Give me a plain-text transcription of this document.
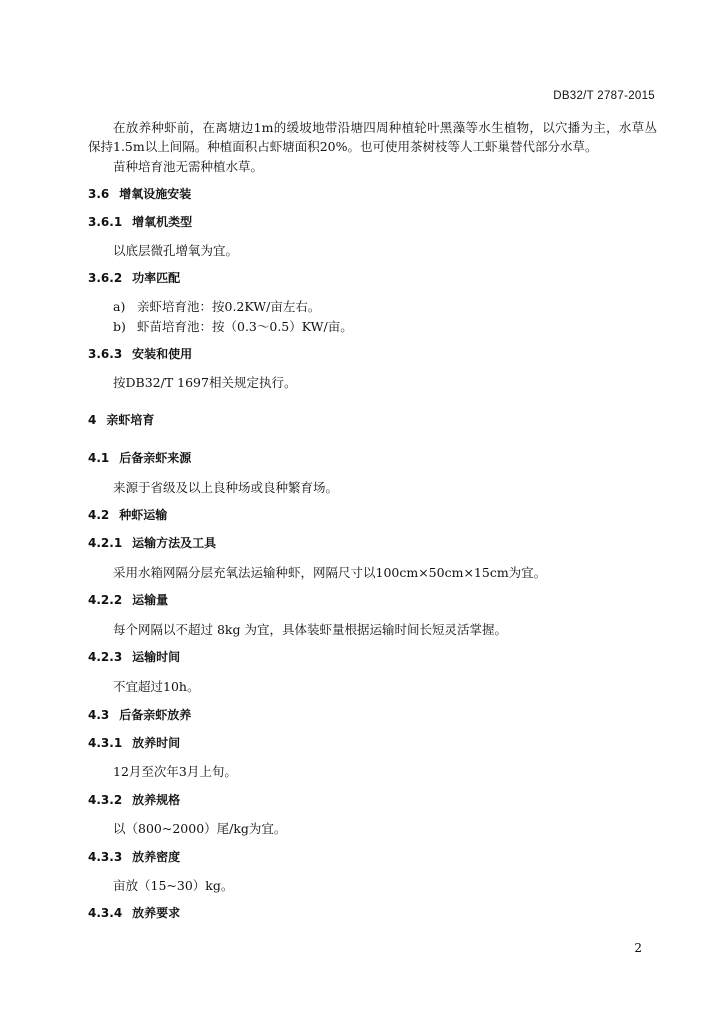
DB32/T 2787-2015
在放养种虾前，在离塘边1m的缓坡地带沿塘四周种植轮叶黑藻等水生植物，以穴播为主，水草丛
保持1.5m以上间隔。种植面积占虾塘面积20%。也可使用茶树枝等人工虾巢替代部分水草。
苗种培育池无需种植水草。
3.6 增氧设施安装
3.6.1 增氧机类型
以底层微孔增氧为宜。
3.6.2 功率匹配
a) 亲虾培育池：按0.2KW/亩左右。
b) 虾苗培育池：按（0.3～0.5）KW/亩。
3.6.3 安装和使用
按DB32/T 1697相关规定执行。
4 亲虾培育
4.1 后备亲虾来源
来源于省级及以上良种场或良种繁育场。
4.2 种虾运输
4.2.1 运输方法及工具
采用水箱网隔分层充氧法运输种虾，网隔尺寸以100cm×50cm×15cm为宜。
4.2.2 运输量
每个网隔以不超过 8kg 为宜，具体装虾量根据运输时间长短灵活掌握。
4.2.3 运输时间
不宜超过10h。
4.3 后备亲虾放养
4.3.1 放养时间
12月至次年3月上旬。
4.3.2 放养规格
以（800~2000）尾/kg为宜。
4.3.3 放养密度
亩放（15~30）kg。
4.3.4 放养要求
2
